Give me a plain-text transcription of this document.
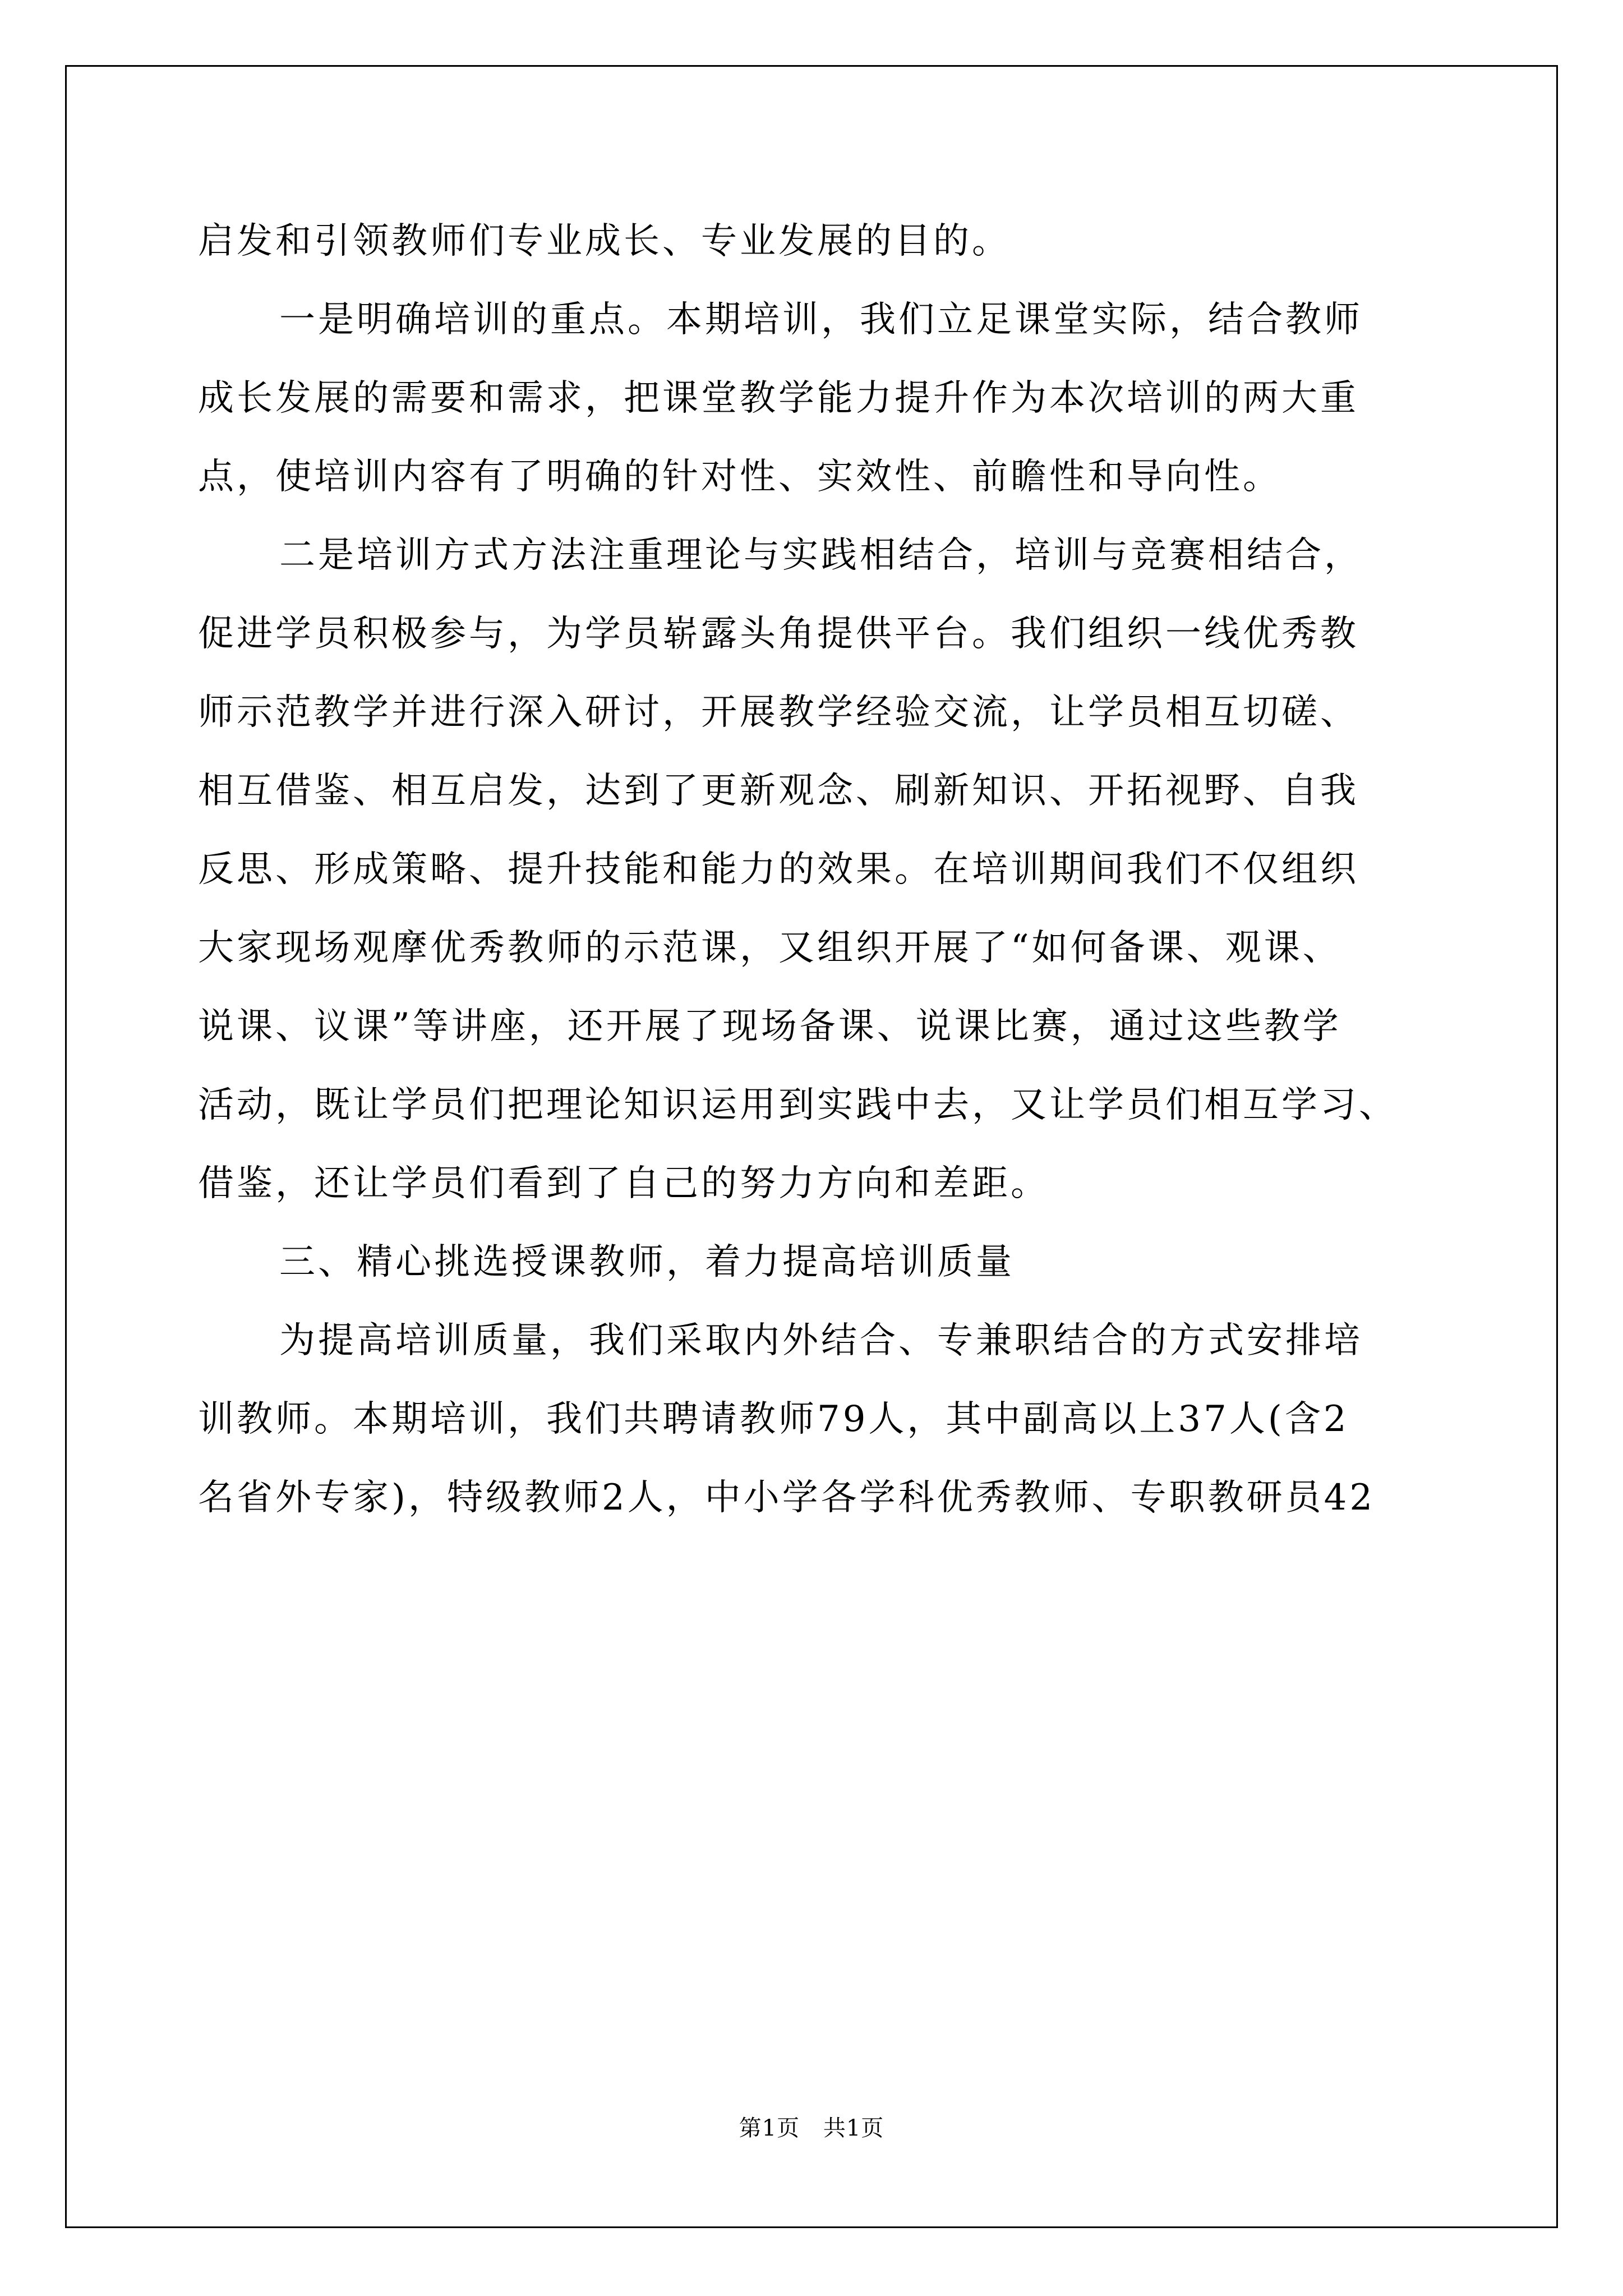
启发和引领教师们专业成长、专业发展的目的。
一是明确培训的重点。本期培训，我们立足课堂实际，结合教师
成长发展的需要和需求，把课堂教学能力提升作为本次培训的两大重
点，使培训内容有了明确的针对性、实效性、前瞻性和导向性。
二是培训方式方法注重理论与实践相结合，培训与竞赛相结合，
促进学员积极参与，为学员崭露头角提供平台。我们组织一线优秀教
师示范教学并进行深入研讨，开展教学经验交流，让学员相互切磋、
相互借鉴、相互启发，达到了更新观念、刷新知识、开拓视野、自我
反思、形成策略、提升技能和能力的效果。在培训期间我们不仅组织
大家现场观摩优秀教师的示范课，又组织开展了“如何备课、观课、
说课、议课”等讲座，还开展了现场备课、说课比赛，通过这些教学
活动，既让学员们把理论知识运用到实践中去，又让学员们相互学习、
借鉴，还让学员们看到了自己的努力方向和差距。
三、精心挑选授课教师，着力提高培训质量
为提高培训质量，我们采取内外结合、专兼职结合的方式安排培
训教师。本期培训，我们共聘请教师79人，其中副高以上37人(含2
名省外专家)，特级教师2人，中小学各学科优秀教师、专职教研员42
第1页 共1页
